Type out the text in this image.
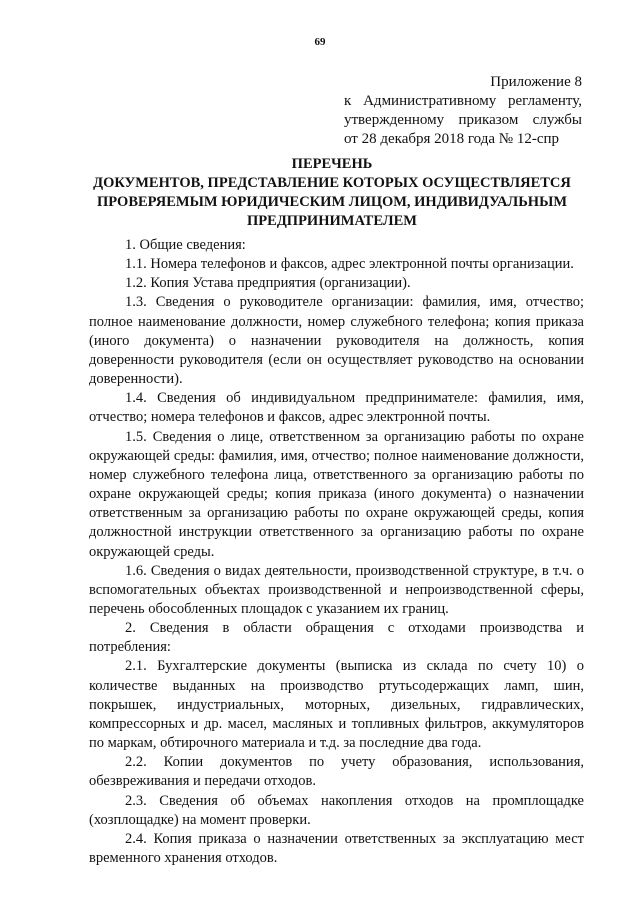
69
Приложение 8
к Административному регламенту,
утвержденному приказом службы
от 28 декабря 2018 года № 12-спр
ПЕРЕЧЕНЬ
ДОКУМЕНТОВ, ПРЕДСТАВЛЕНИЕ КОТОРЫХ ОСУЩЕСТВЛЯЕТСЯ
ПРОВЕРЯЕМЫМ ЮРИДИЧЕСКИМ ЛИЦОМ, ИНДИВИДУАЛЬНЫМ
ПРЕДПРИНИМАТЕЛЕМ

1. Общие сведения:

1.1. Номера телефонов и факсов, адрес электронной почты организации.

1.2. Копия Устава предприятия (организации).

1.3. Сведения о руководителе организации: фамилия, имя, отчество; полное наименование должности, номер служебного телефона; копия приказа (иного документа) о назначении руководителя на должность, копия доверенности руководителя (если он осуществляет руководство на основании доверенности).

1.4. Сведения об индивидуальном предпринимателе: фамилия, имя, отчество; номера телефонов и факсов, адрес электронной почты.

1.5. Сведения о лице, ответственном за организацию работы по охране окружающей среды: фамилия, имя, отчество; полное наименование должности, номер служебного телефона лица, ответственного за организацию работы по охране окружающей среды; копия приказа (иного документа) о назначении ответственным за организацию работы по охране окружающей среды, копия должностной инструкции ответственного за организацию работы по охране окружающей среды.

1.6. Сведения о видах деятельности, производственной структуре, в т.ч. о вспомогательных объектах производственной и непроизводственной сферы, перечень обособленных площадок с указанием их границ.

2. Сведения в области обращения с отходами производства и потребления:

2.1. Бухгалтерские документы (выписка из склада по счету 10) о количестве выданных на производство ртутьсодержащих ламп, шин, покрышек, индустриальных, моторных, дизельных, гидравлических, компрессорных и др. масел, масляных и топливных фильтров, аккумуляторов по маркам, обтирочного материала и т.д. за последние два года.

2.2. Копии документов по учету образования, использования, обезвреживания и передачи отходов.

2.3. Сведения об объемах накопления отходов на промплощадке (хозплощадке) на момент проверки.

2.4. Копия приказа о назначении ответственных за эксплуатацию мест временного хранения отходов.
